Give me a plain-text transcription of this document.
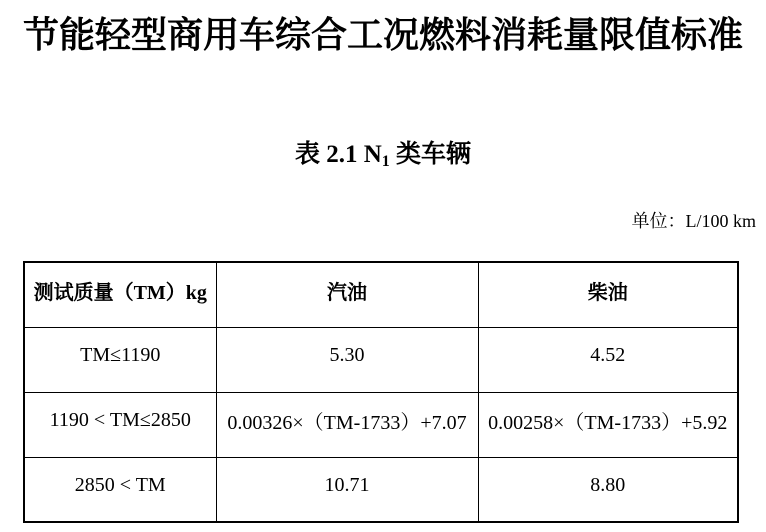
节能轻型商用车综合工况燃料消耗量限值标准
表 2.1 $N_1$ 类车辆
单位：L/100 km
测试质量（TM）kg	汽油	柴油
TM≤1190	5.30	4.52
1190 < TM≤2850	0.00326×（TM-1733）+7.07	0.00258×（TM-1733）+5.92
2850 < TM	10.71	8.80
